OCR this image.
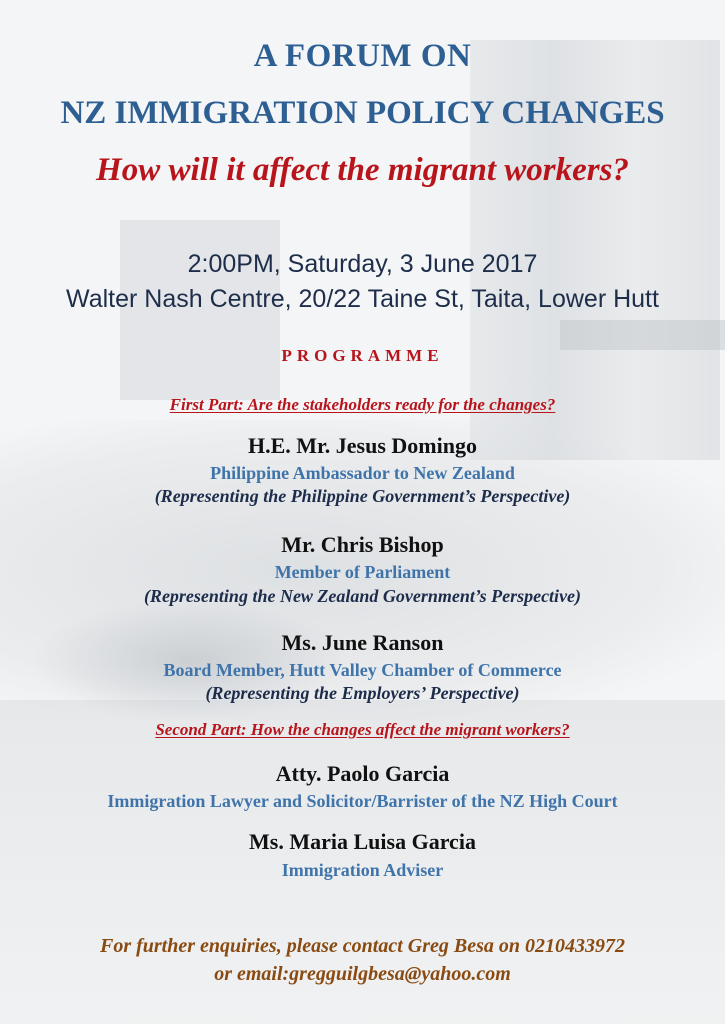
A FORUM ON

NZ IMMIGRATION POLICY CHANGES

How will it affect the migrant workers?

2:00PM, Saturday, 3 June 2017

Walter Nash Centre, 20/22 Taine St, Taita, Lower Hutt

PROGRAMME

First Part: Are the stakeholders ready for the changes?

H.E. Mr. Jesus Domingo

Philippine Ambassador to New Zealand

(Representing the Philippine Government’s Perspective)

Mr. Chris Bishop

Member of Parliament

(Representing the New Zealand Government’s Perspective)

Ms. June Ranson

Board Member, Hutt Valley Chamber of Commerce

(Representing the Employers’ Perspective)

Second Part: How the changes affect the migrant workers?

Atty. Paolo Garcia

Immigration Lawyer and Solicitor/Barrister of the NZ High Court

Ms. Maria Luisa Garcia

Immigration Adviser

For further enquiries, please contact Greg Besa on 0210433972

or email:gregguilgbesa@yahoo.com
